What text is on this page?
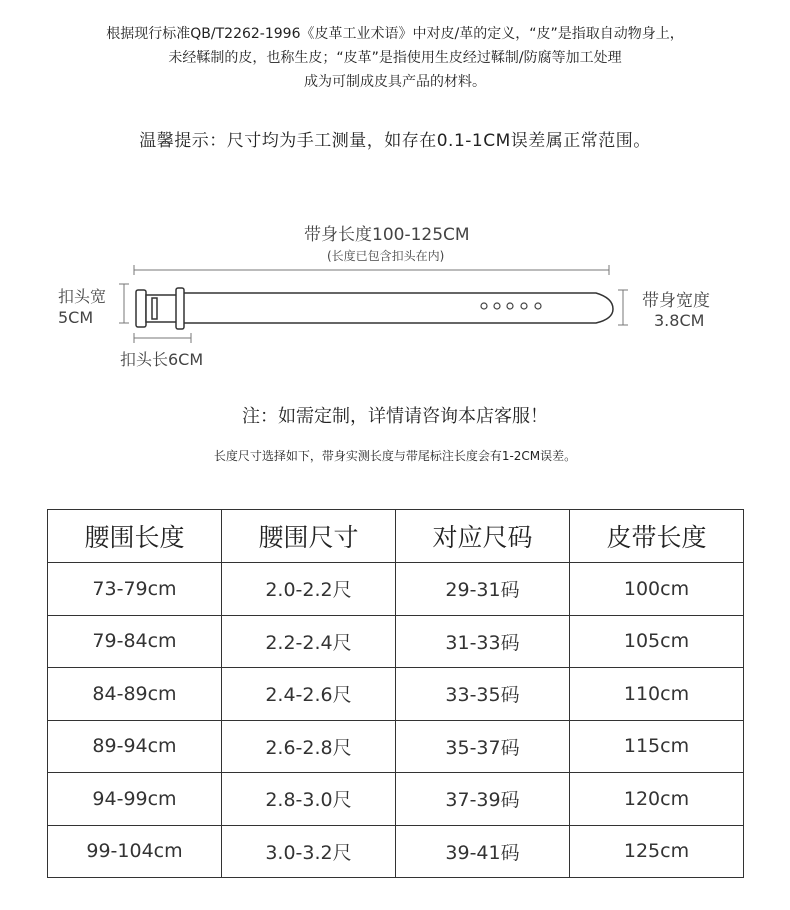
根据现行标准QB/T2262-1996《皮革工业术语》中对皮/革的定义，“皮”是指取自动物身上，
未经鞣制的皮，也称生皮；“皮革”是指使用生皮经过鞣制/防腐等加工处理
成为可制成皮具产品的材料。
温馨提示：尺寸均为手工测量，如存在0.1-1CM误差属正常范围。
带身长度100-125CM
(长度已包含扣头在内)
扣头宽
5CM
扣头长6CM
带身宽度
3.8CM
注：如需定制，详情请咨询本店客服！
长度尺寸选择如下，带身实测长度与带尾标注长度会有1-2CM误差。
腰围长度	腰围尺寸	对应尺码	皮带长度
73-79cm	2.0-2.2尺	29-31码	100cm
79-84cm	2.2-2.4尺	31-33码	105cm
84-89cm	2.4-2.6尺	33-35码	110cm
89-94cm	2.6-2.8尺	35-37码	115cm
94-99cm	2.8-3.0尺	37-39码	120cm
99-104cm	3.0-3.2尺	39-41码	125cm
